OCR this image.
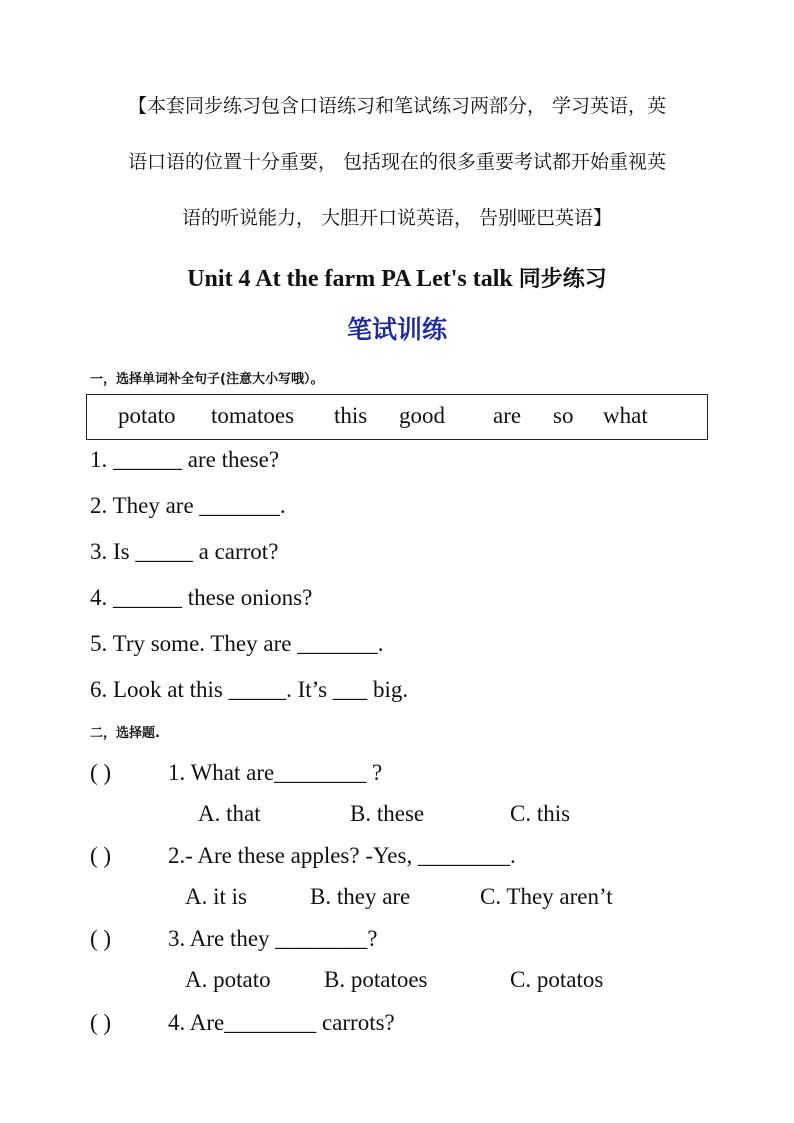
【本套同步练习包含口语练习和笔试练习两部分， 学习英语，英
语口语的位置十分重要， 包括现在的很多重要考试都开始重视英
语的听说能力， 大胆开口说英语， 告别哑巴英语】
Unit 4 At the farm PA Let's talk 同步练习
笔试训练
一，选择单词补全句子(注意大小写哦）。
potato tomatoes this good are so what
1. ______ are these?
2. They are _______.
3. Is _____ a carrot?
4. ______ these onions?
5. Try some. They are _______.
6. Look at this _____. It’s ___ big.
二，选择题.
( ) 1. What are________ ?
A. that	B. these	C. this
( ) 2.- Are these apples? -Yes, ________.
A. it is	B. they are	C. They aren’t
( ) 3. Are they ________?
A. potato B. potatoes	C. potatos
( ) 4. Are________ carrots?
